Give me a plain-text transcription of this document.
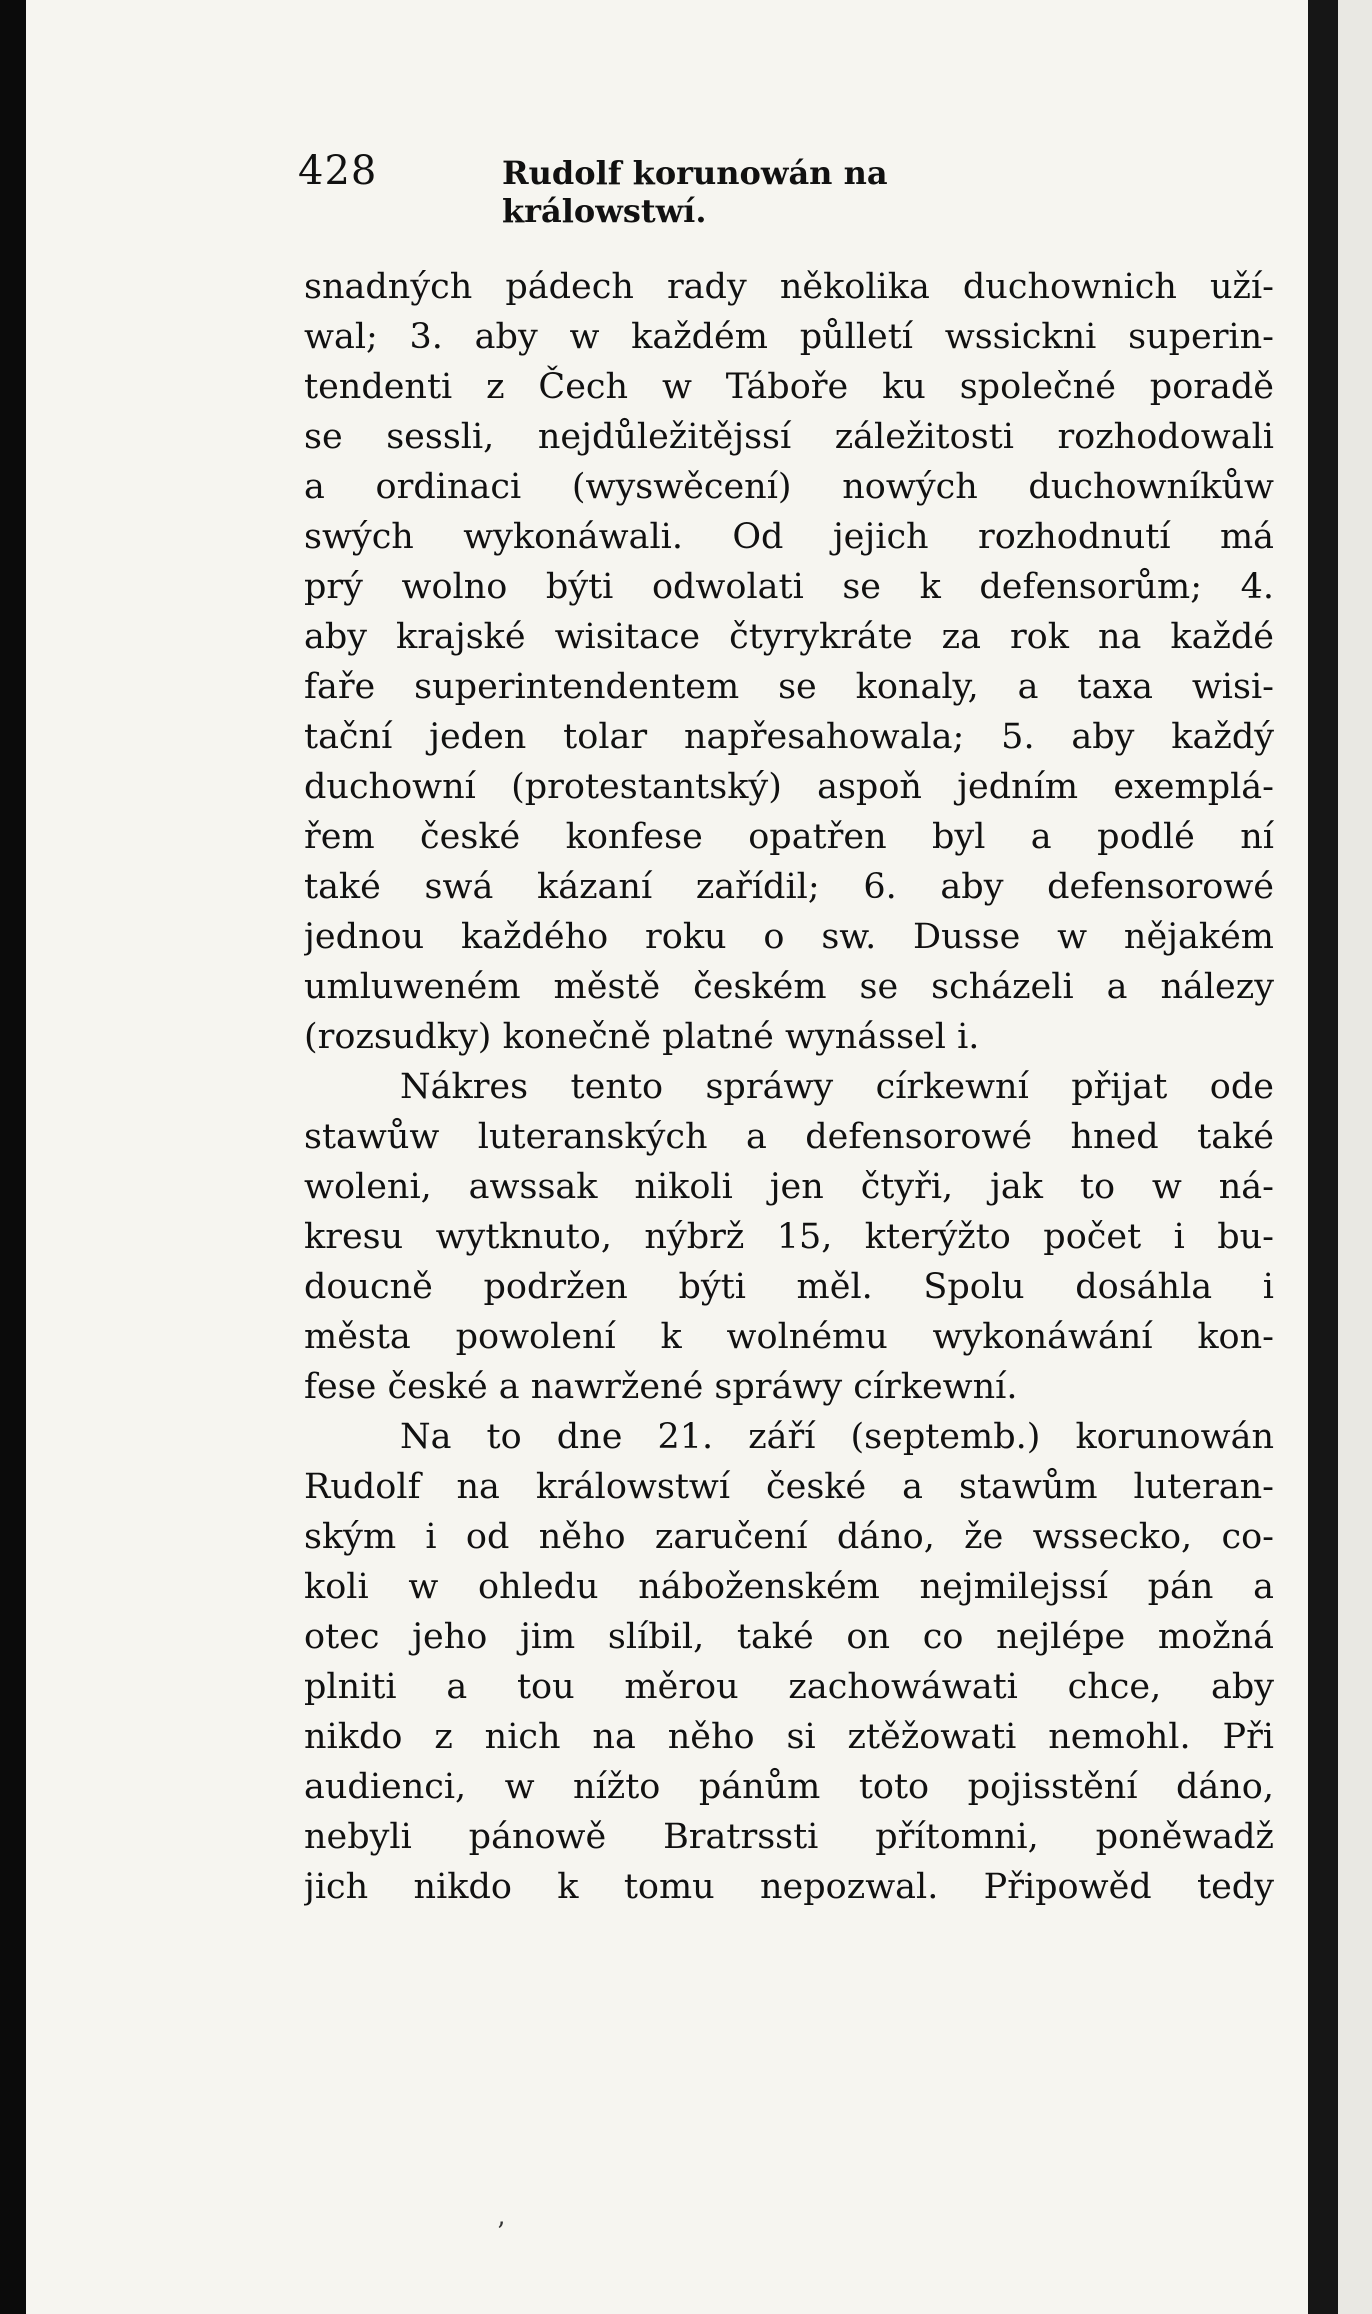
428	Rudolf korunowán na králowstwí.
snadných pádech rady několika duchownich uží-
wal; 3. aby w každém půlletí wssickni superin-
tendenti z Čech w Táboře ku společné poradě
se sessli, nejdůležitějssí záležitosti rozhodowali
a ordinaci (wyswěcení) nowých duchowníkůw
swých wykonáwali. Od jejich rozhodnutí má
prý wolno býti odwolati se k defensorům; 4.
aby krajské wisitace čtyrykráte za rok na každé
faře superintendentem se konaly, a taxa wisi-
tační jeden tolar napřesahowala; 5. aby každý
duchowní (protestantský) aspoň jedním exemplá-
řem české konfese opatřen byl a podlé ní
také swá kázaní zařídil; 6. aby defensorowé
jednou každého roku o sw. Dusse w nějakém
umluweném městě českém se scházeli a nálezy
(rozsudky) konečně platné wynássel i.
Nákres tento spráwy církewní přijat ode
stawůw luteranských a defensorowé hned také
woleni, awssak nikoli jen čtyři, jak to w ná-
kresu wytknuto, nýbrž 15, kterýžto počet i bu-
doucně podržen býti měl. Spolu dosáhla i
města powolení k wolnému wykonáwání kon-
fese české a nawržené spráwy církewní.
Na to dne 21. září (septemb.) korunowán
Rudolf na králowstwí české a stawům luteran-
ským i od něho zaručení dáno, že wssecko, co-
koli w ohledu náboženském nejmilejssí pán a
otec jeho jim slíbil, také on co nejlépe možná
plniti a tou měrou zachowáwati chce, aby
nikdo z nich na něho si ztěžowati nemohl. Při
audienci, w nížto pánům toto pojisstění dáno,
nebyli pánowě Bratrssti přítomni, poněwadž
jich nikdo k tomu nepozwal. Připowěd tedy
ʼ
